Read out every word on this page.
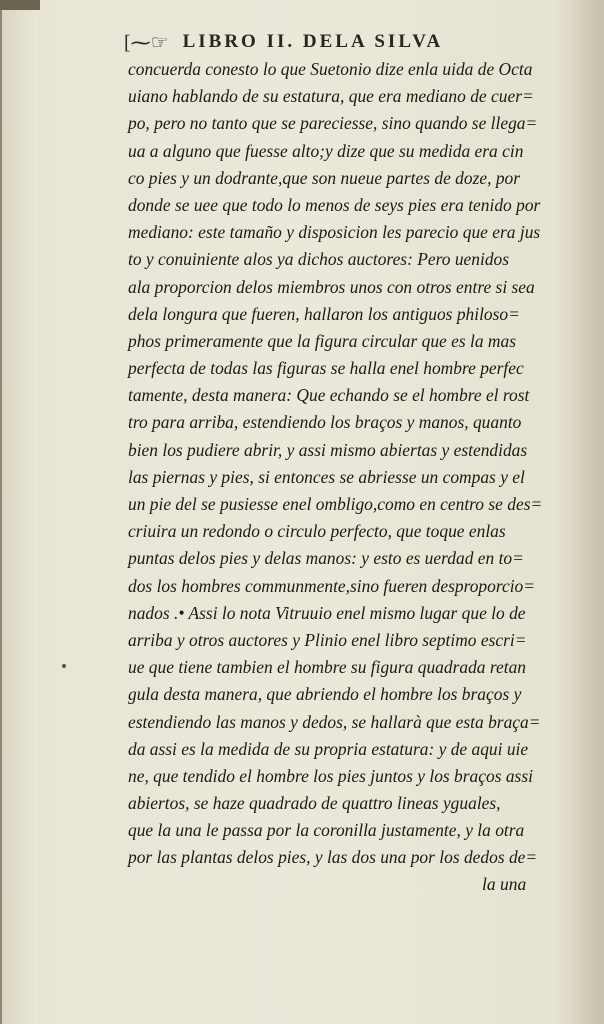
[⁓☞ LIBRO II. DELA SILVA
concuerda conesto lo que Suetonio dize enla uida de Octa
uiano hablando de su estatura, que era mediano de cuer=
po, pero no tanto que se pareciesse, sino quando se llega=
ua a alguno que fuesse alto;y dize que su medida era cin
co pies y un dodrante,que son nueue partes de doze, por
donde se uee que todo lo menos de seys pies era tenido por
mediano: este tamaño y disposicion les parecio que era jus
to y conuiniente alos ya dichos auctores: Pero uenidos
ala proporcion delos miembros unos con otros entre si sea
dela longura que fueren, hallaron los antiguos philoso=
phos primeramente que la figura circular que es la mas
perfecta de todas las figuras se halla enel hombre perfec
tamente, desta manera: Que echando se el hombre el rost
tro para arriba, estendiendo los braços y manos, quanto
bien los pudiere abrir, y assi mismo abiertas y estendidas
las piernas y pies, si entonces se abriesse un compas y el
un pie del se pusiesse enel ombligo,como en centro se des=
criuira un redondo o circulo perfecto, que toque enlas
puntas delos pies y delas manos: y esto es uerdad en to=
dos los hombres communmente,sino fueren desproporcio=
nados .• Assi lo nota Vitruuio enel mismo lugar que lo de
arriba y otros auctores y Plinio enel libro septimo escri=
ue que tiene tambien el hombre su figura quadrada retan
gula desta manera, que abriendo el hombre los braços y
estendiendo las manos y dedos, se hallarà que esta braça=
da assi es la medida de su propria estatura: y de aqui uie
ne, que tendido el hombre los pies juntos y los braços assi
abiertos, se haze quadrado de quattro lineas yguales,
que la una le passa por la coronilla justamente, y la otra
por las plantas delos pies, y las dos una por los dedos de=
la una
